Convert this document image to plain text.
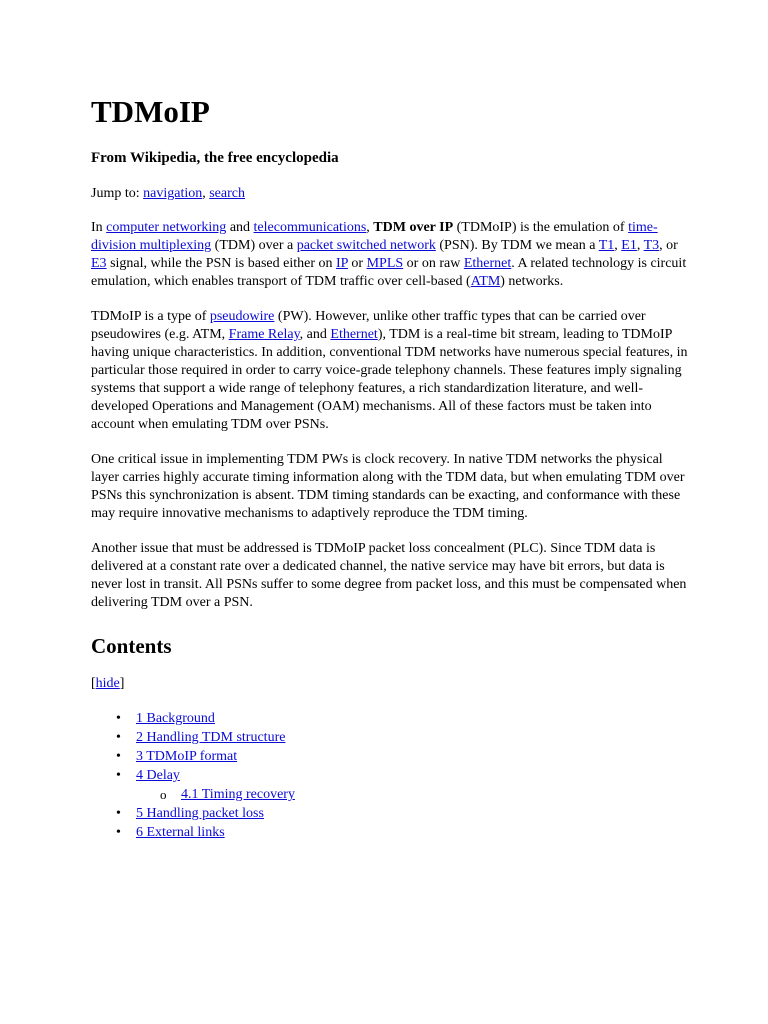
TDMoIP
From Wikipedia, the free encyclopedia
Jump to: navigation, search

In computer networking and telecommunications, TDM over IP (TDMoIP) is the emulation of time-division multiplexing (TDM) over a packet switched network (PSN). By TDM we mean a T1, E1, T3, or E3 signal, while the PSN is based either on IP or MPLS or on raw Ethernet. A related technology is circuit emulation, which enables transport of TDM traffic over cell-based (ATM) networks.

TDMoIP is a type of pseudowire (PW). However, unlike other traffic types that can be carried over pseudowires (e.g. ATM, Frame Relay, and Ethernet), TDM is a real-time bit stream, leading to TDMoIP having unique characteristics. In addition, conventional TDM networks have numerous special features, in particular those required in order to carry voice-grade telephony channels. These features imply signaling systems that support a wide range of telephony features, a rich standardization literature, and well-developed Operations and Management (OAM) mechanisms. All of these factors must be taken into account when emulating TDM over PSNs.

One critical issue in implementing TDM PWs is clock recovery. In native TDM networks the physical layer carries highly accurate timing information along with the TDM data, but when emulating TDM over PSNs this synchronization is absent. TDM timing standards can be exacting, and conformance with these may require innovative mechanisms to adaptively reproduce the TDM timing.

Another issue that must be addressed is TDMoIP packet loss concealment (PLC). Since TDM data is delivered at a constant rate over a dedicated channel, the native service may have bit errors, but data is never lost in transit. All PSNs suffer to some degree from packet loss, and this must be compensated when delivering TDM over a PSN.

Contents
[hide]
• 1 Background
• 2 Handling TDM structure
• 3 TDMoIP format
• 4 Delay
o 4.1 Timing recovery
• 5 Handling packet loss
• 6 External links
